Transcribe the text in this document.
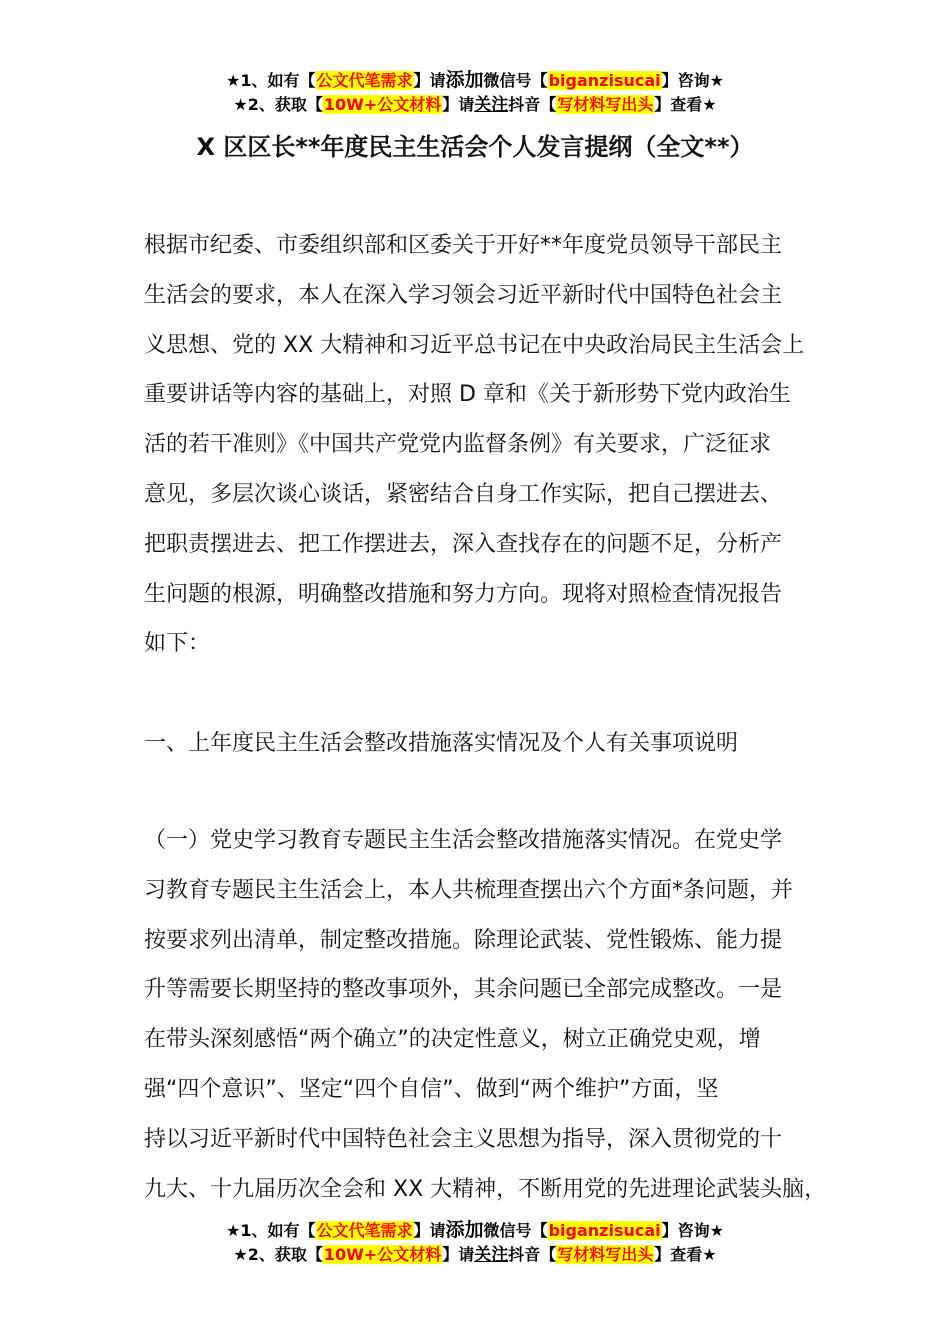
★1、如有【公文代笔需求】请添加微信号【biganzisucai】咨询★
★2、获取【10W+公文材料】请关注抖音【写材料写出头】查看★
X 区区长**年度民主生活会个人发言提纲（全文**）
根据市纪委、市委组织部和区委关于开好**年度党员领导干部民主
生活会的要求，本人在深入学习领会习近平新时代中国特色社会主
义思想、党的 XX 大精神和习近平总书记在中央政治局民主生活会上
重要讲话等内容的基础上，对照 D 章和《关于新形势下党内政治生
活的若干准则》《中国共产党党内监督条例》有关要求，广泛征求
意见，多层次谈心谈话，紧密结合自身工作实际，把自己摆进去、
把职责摆进去、把工作摆进去，深入查找存在的问题不足，分析产
生问题的根源，明确整改措施和努力方向。现将对照检查情况报告
如下：
一、上年度民主生活会整改措施落实情况及个人有关事项说明
（一）党史学习教育专题民主生活会整改措施落实情况。在党史学
习教育专题民主生活会上，本人共梳理查摆出六个方面*条问题，并
按要求列出清单，制定整改措施。除理论武装、党性锻炼、能力提
升等需要长期坚持的整改事项外，其余问题已全部完成整改。一是
在带头深刻感悟“两个确立”的决定性意义，树立正确党史观，增
强“四个意识”、坚定“四个自信”、做到“两个维护”方面，坚
持以习近平新时代中国特色社会主义思想为指导，深入贯彻党的十
九大、十九届历次全会和 XX 大精神，不断用党的先进理论武装头脑，
★1、如有【公文代笔需求】请添加微信号【biganzisucai】咨询★
★2、获取【10W+公文材料】请关注抖音【写材料写出头】查看★
